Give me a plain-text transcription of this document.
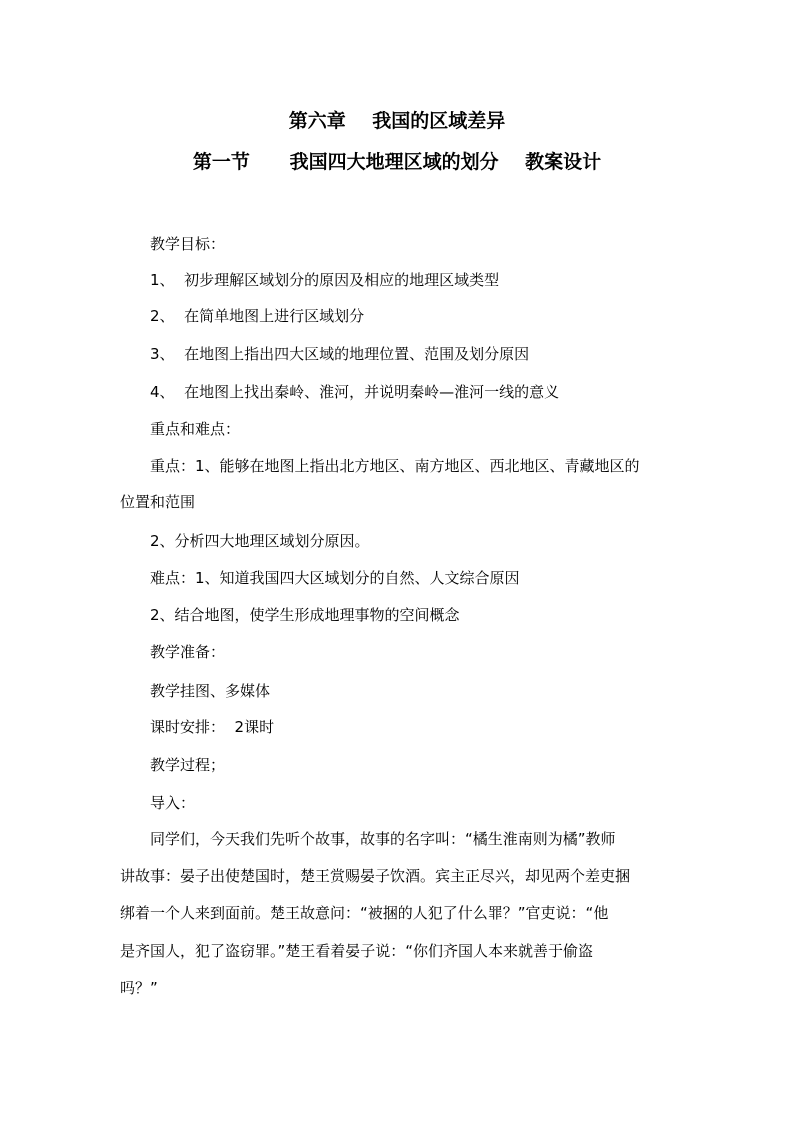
第六章    我国的区域差异
第一节      我国四大地理区域的划分    教案设计
教学目标：
1、  初步理解区域划分的原因及相应的地理区域类型
2、  在简单地图上进行区域划分
3、  在地图上指出四大区域的地理位置、范围及划分原因
4、  在地图上找出秦岭、淮河，并说明秦岭—淮河一线的意义
重点和难点：
重点：1、能够在地图上指出北方地区、南方地区、西北地区、青藏地区的
位置和范围
2、分析四大地理区域划分原因。
难点：1、知道我国四大区域划分的自然、人文综合原因
2、结合地图，使学生形成地理事物的空间概念
教学准备：
教学挂图、多媒体
课时安排：  2课时
教学过程；
导入：
同学们，今天我们先听个故事，故事的名字叫：“橘生淮南则为橘”教师
讲故事：晏子出使楚国时，楚王赏赐晏子饮酒。宾主正尽兴，却见两个差吏捆
绑着一个人来到面前。楚王故意问：“被捆的人犯了什么罪？”官吏说：“他
是齐国人，犯了盗窃罪。”楚王看着晏子说：“你们齐国人本来就善于偷盗
吗？”
